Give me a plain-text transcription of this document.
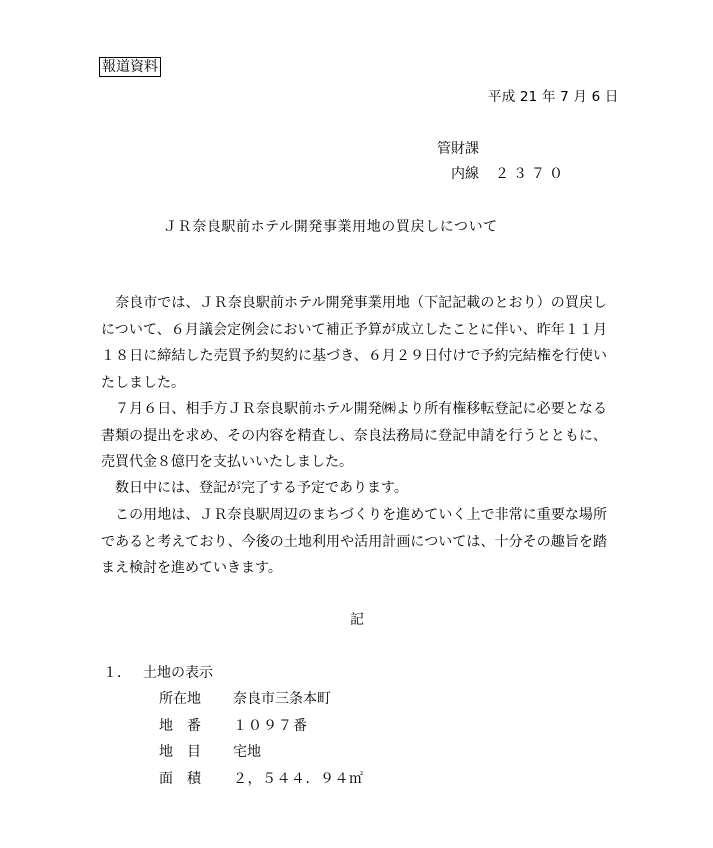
報道資料
平成 21 年 7 月 6 日
管財課
内線 ２３７０
ＪＲ奈良駅前ホテル開発事業用地の買戻しについて
　奈良市では、ＪＲ奈良駅前ホテル開発事業用地（下記記載のとおり）の買戻しについて、６月議会定例会において補正予算が成立したことに伴い、昨年１１月１８日に締結した売買予約契約に基づき、６月２９日付けで予約完結権を行使いたしました。
　７月６日、相手方ＪＲ奈良駅前ホテル開発㈱より所有権移転登記に必要となる書類の提出を求め、その内容を精査し、奈良法務局に登記申請を行うとともに、売買代金８億円を支払いいたしました。
　数日中には、登記が完了する予定であります。
　この用地は、ＪＲ奈良駅周辺のまちづくりを進めていく上で非常に重要な場所であると考えており、今後の土地利用や活用計画については、十分その趣旨を踏まえ検討を進めていきます。
記
１． 土地の表示
所在地 奈良市三条本町
地番 １０９７番
地目 宅地
面積 ２，５４４．９４㎡
